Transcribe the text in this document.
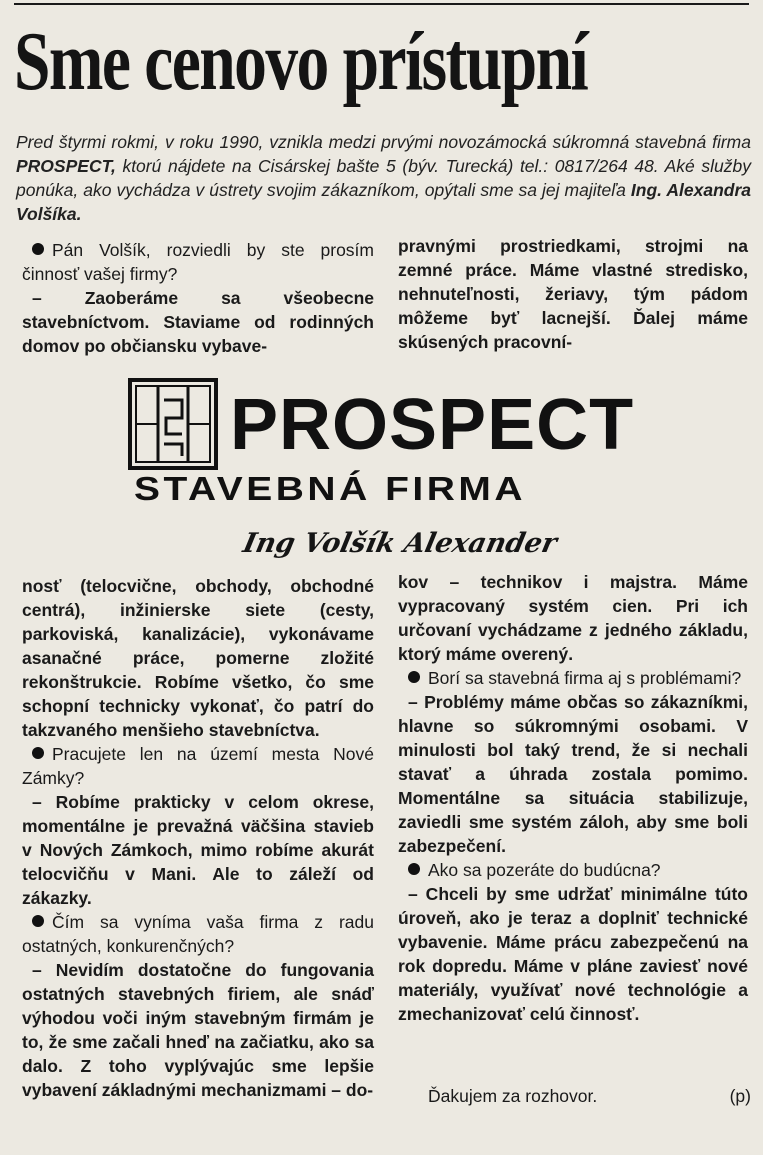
Sme cenovo prístupní
Pred štyrmi rokmi, v roku 1990, vznikla medzi prvými novozámocká súkromná stavebná firma PROSPECT, ktorú nájdete na Cisárskej bašte 5 (býv. Turecká) tel.: 0817/264 48. Aké služby ponúka, ako vychádza v ústrety svojim zákazníkom, opýtali sme sa jej majiteľa Ing. Alexandra Volšíka.

Pán Volšík, rozviedli by ste prosím činnosť vašej firmy?

– Zaoberáme sa všeobecne stavebníctvom. Staviame od rodinných domov po občiansku vybave-

pravnými prostriedkami, strojmi na zemné práce. Máme vlastné stredisko, nehnuteľnosti, žeriavy, tým pádom môžeme byť lacnejší. Ďalej máme skúsených pracovní-

PROSPECT
STAVEBNÁ FIRMA
Ing Volšík Alexander

nosť (telocvične, obchody, obchodné centrá), inžinierske siete (cesty, parkoviská, kanalizácie), vykonávame asanačné práce, pomerne zložité rekonštrukcie. Robíme všetko, čo sme schopní technicky vykonať, čo patrí do takzvaného menšieho stavebníctva.

Pracujete len na území mesta Nové Zámky?

– Robíme prakticky v celom okrese, momentálne je prevažná väčšina stavieb v Nových Zámkoch, mimo robíme akurát telocvičňu v Mani. Ale to záleží od zákazky.

Čím sa vyníma vaša firma z radu ostatných, konkurenčných?

– Nevidím dostatočne do fungovania ostatných stavebných firiem, ale snáď výhodou voči iným stavebným firmám je to, že sme začali hneď na začiatku, ako sa dalo. Z toho vyplývajúc sme lepšie vybavení základnými mechanizmami – do-

kov – technikov i majstra. Máme vypracovaný systém cien. Pri ich určovaní vychádzame z jedného základu, ktorý máme overený.

Borí sa stavebná firma aj s problémami?

– Problémy máme občas so zákazníkmi, hlavne so súkromnými osobami. V minulosti bol taký trend, že si nechali stavať a úhrada zostala pomimo. Momentálne sa situácia stabilizuje, zaviedli sme systém záloh, aby sme boli zabezpečení.

Ako sa pozeráte do budúcna?

– Chceli by sme udržať minimálne túto úroveň, ako je teraz a doplniť technické vybavenie. Máme prácu zabezpečenú na rok dopredu. Máme v pláne zaviesť nové materiály, využívať nové technológie a zmechanizovať celú činnosť.

Ďakujem za rozhovor.	(p)
